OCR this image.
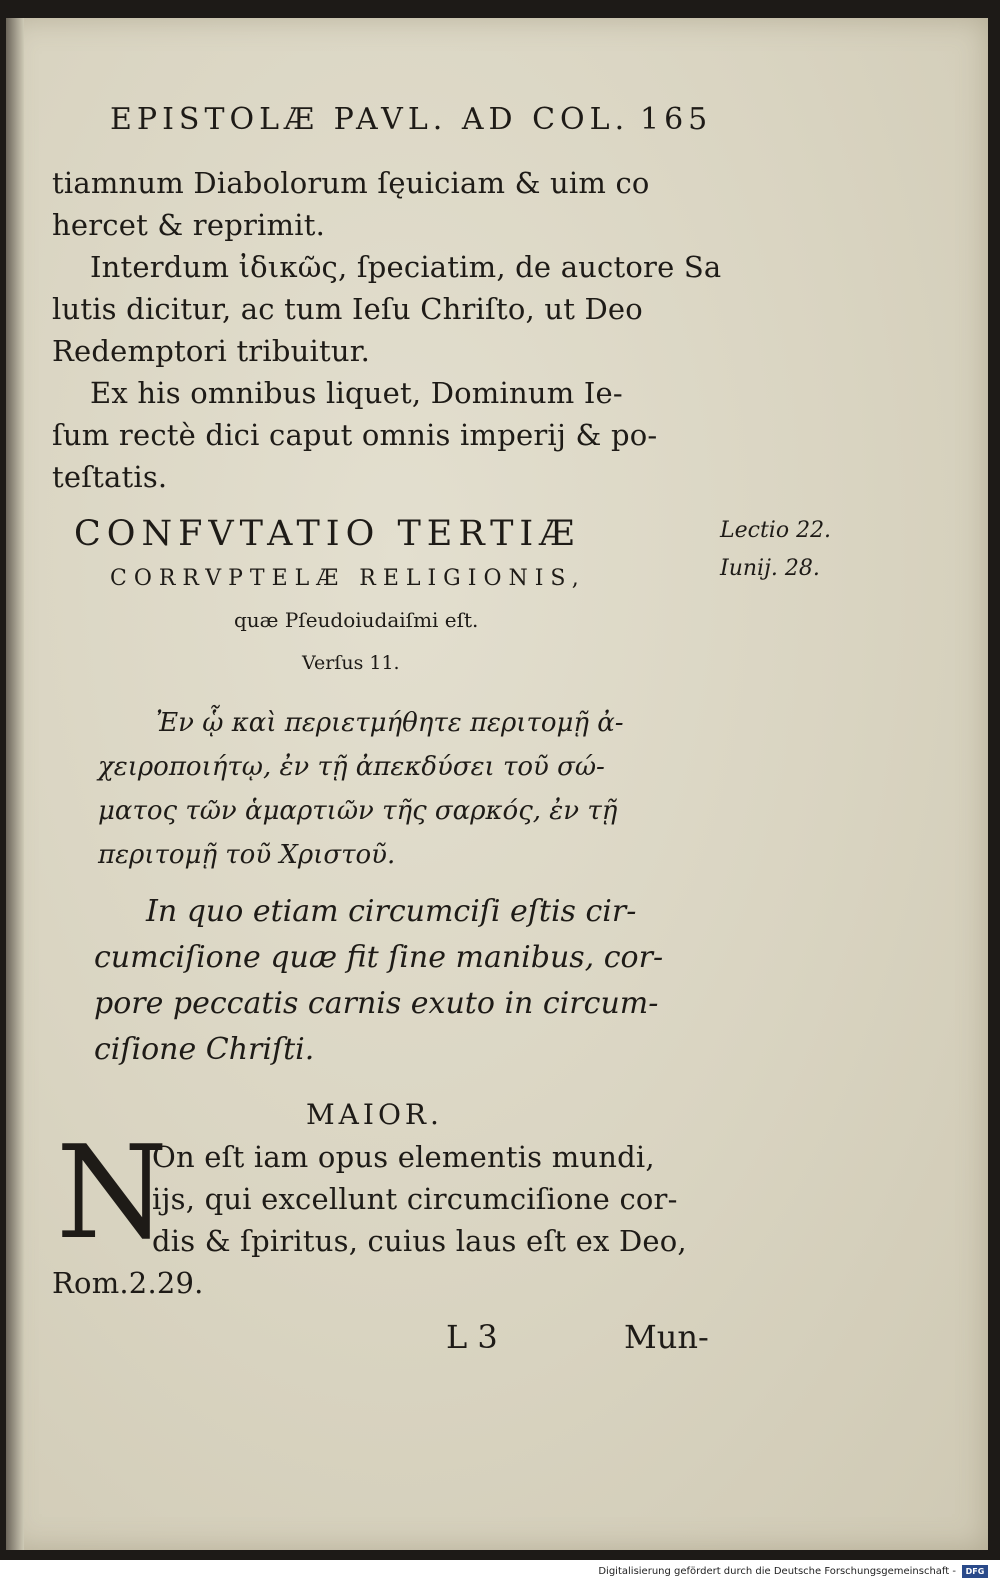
EPISTOLÆ PAVL. AD COL. 165
tiamnum Diabolorum ſęuiciam & uim co
hercet & reprimit.
Interdum ἰδικῶς, ſpeciatim, de auctore Sa
lutis dicitur, ac tum Ieſu Chriſto, ut Deo
Redemptori tribuitur.
Ex his omnibus liquet, Dominum Ie-
ſum rectè dici caput omnis imperij & po-
teſtatis.
CONFVTATIO TERTIÆ
CORRVPTELÆ RELIGIONIS,
quæ Pſeudoiudaiſmi eſt.
Verſus 11.
Lectio 22.
Iunij. 28.
Ἐν ᾧ καὶ περιετμήθητε περιτομῇ ἀ-
χειροποιήτῳ, ἐν τῇ ἀπεκδύσει τοῦ σώ-
ματος τῶν ἁμαρτιῶν τῆς σαρκός, ἐν τῇ
περιτομῇ τοῦ Χριστοῦ.
In quo etiam circumciſi eſtis cir-
cumciſione quæ fit ſine manibus, cor-
pore peccatis carnis exuto in circum-
ciſione Chriſti.
MAIOR.
N
On eſt iam opus elementis mundi,
ijs, qui excellunt circumciſione cor-
dis & ſpiritus, cuius laus eſt ex Deo,
Rom.2.29.
L 3	Mun-
Digitalisierung gefördert durch die Deutsche Forschungsgemeinschaft -	DFG
